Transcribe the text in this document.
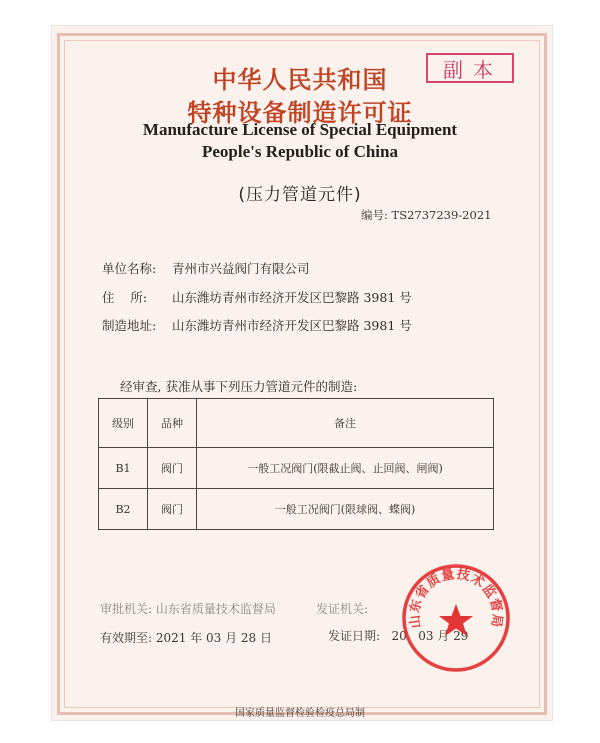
副本
中华人民共和国
特种设备制造许可证
Manufacture License of Special Equipment
People's Republic of China
(压力管道元件)
编号: TS2737239-2021
单位名称: 青州市兴益阀门有限公司
住    所: 山东潍坊青州市经济开发区巴黎路 3981 号
制造地址: 山东潍坊青州市经济开发区巴黎路 3981 号
经审查, 获准从事下列压力管道元件的制造:
级别	品种	备注
B1	阀门	一般工况阀门(限截止阀、止回阀、闸阀)
B2	阀门	一般工况阀门(限球阀、蝶阀)
审批机关: 山东省质量技术监督局	发证机关:
有效期至: 2021 年 03 月 28 日	发证日期:   20   03 月 29
山东省质量技术监督局
国家质量监督检验检疫总局制
